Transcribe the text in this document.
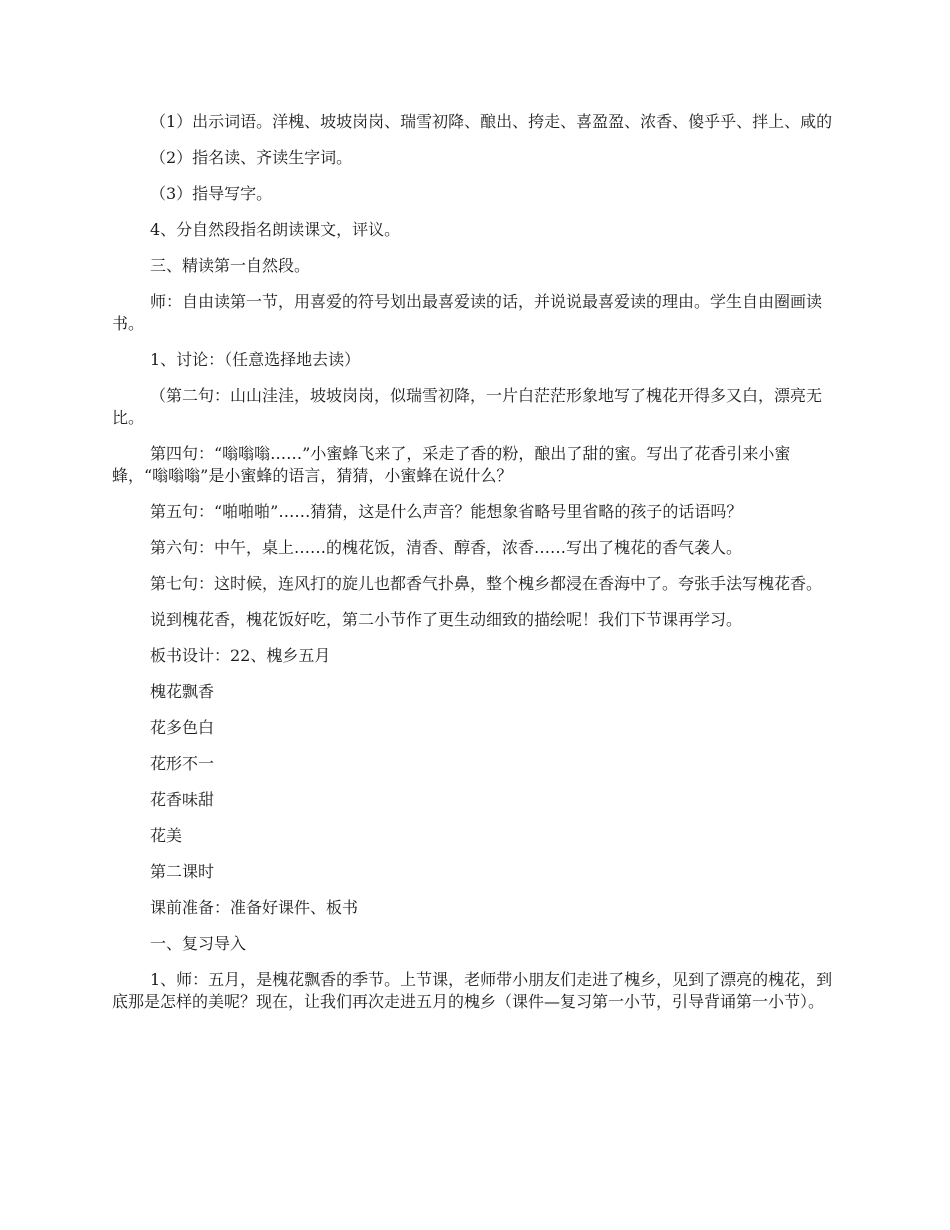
（1）出示词语。洋槐、坡坡岗岗、瑞雪初降、酿出、挎走、喜盈盈、浓香、傻乎乎、拌上、咸的

（2）指名读、齐读生字词。

（3）指导写字。

4、分自然段指名朗读课文，评议。

三、精读第一自然段。

师：自由读第一节，用喜爱的符号划出最喜爱读的话，并说说最喜爱读的理由。学生自由圈画读书。

1、讨论：（任意选择地去读）

（第二句：山山洼洼，坡坡岗岗，似瑞雪初降，一片白茫茫形象地写了槐花开得多又白，漂亮无比。

第四句：“嗡嗡嗡……”小蜜蜂飞来了，采走了香的粉，酿出了甜的蜜。写出了花香引来小蜜蜂，“嗡嗡嗡”是小蜜蜂的语言，猜猜，小蜜蜂在说什么？

第五句：“啪啪啪”……猜猜，这是什么声音？能想象省略号里省略的孩子的话语吗？

第六句：中午，桌上……的槐花饭，清香、醇香，浓香……写出了槐花的香气袭人。

第七句：这时候，连风打的旋儿也都香气扑鼻，整个槐乡都浸在香海中了。夸张手法写槐花香。

说到槐花香，槐花饭好吃，第二小节作了更生动细致的描绘呢！我们下节课再学习。

板书设计：22、槐乡五月

槐花飘香

花多色白

花形不一

花香味甜

花美

第二课时

课前准备：准备好课件、板书

一、复习导入

1、师：五月，是槐花飘香的季节。上节课，老师带小朋友们走进了槐乡，见到了漂亮的槐花，到底那是怎样的美呢？现在，让我们再次走进五月的槐乡（课件—复习第一小节，引导背诵第一小节）。
